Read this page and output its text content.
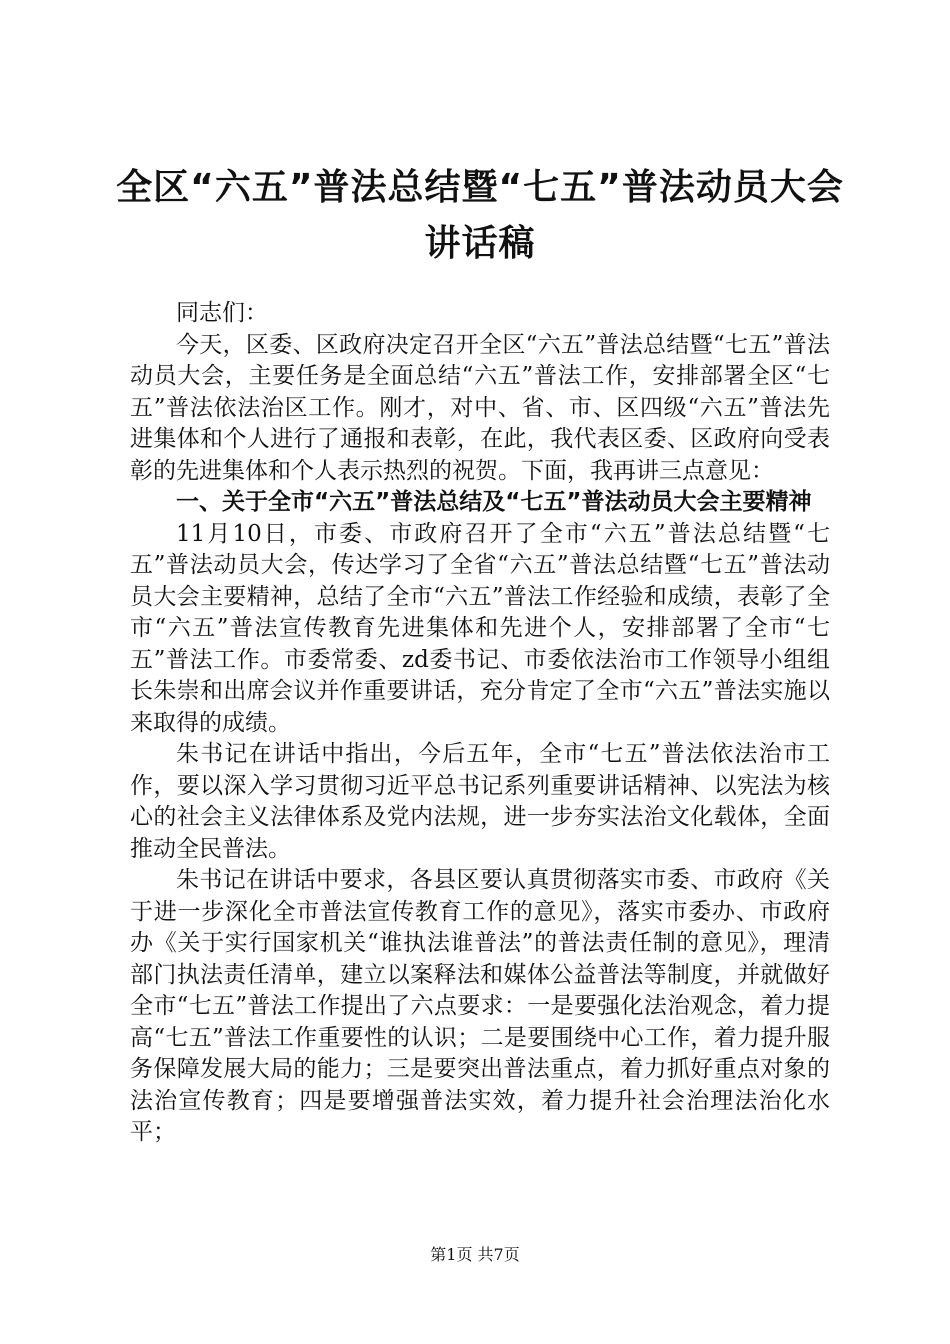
全区“六五”普法总结暨“七五”普法动员大会讲话稿

同志们：

今天，区委、区政府决定召开全区“六五”普法总结暨“七五”普法动员大会，主要任务是全面总结“六五”普法工作，安排部署全区“七五”普法依法治区工作。刚才，对中、省、市、区四级“六五”普法先进集体和个人进行了通报和表彰，在此，我代表区委、区政府向受表彰的先进集体和个人表示热烈的祝贺。下面，我再讲三点意见：

一、关于全市“六五”普法总结及“七五”普法动员大会主要精神

11月10日，市委、市政府召开了全市“六五”普法总结暨“七五”普法动员大会，传达学习了全省“六五”普法总结暨“七五”普法动员大会主要精神，总结了全市“六五”普法工作经验和成绩，表彰了全市“六五”普法宣传教育先进集体和先进个人，安排部署了全市“七五”普法工作。市委常委、zd委书记、市委依法治市工作领导小组组长朱崇和出席会议并作重要讲话，充分肯定了全市“六五”普法实施以来取得的成绩。

朱书记在讲话中指出，今后五年，全市“七五”普法依法治市工作，要以深入学习贯彻习近平总书记系列重要讲话精神、以宪法为核心的社会主义法律体系及党内法规，进一步夯实法治文化载体，全面推动全民普法。

朱书记在讲话中要求，各县区要认真贯彻落实市委、市政府《关于进一步深化全市普法宣传教育工作的意见》，落实市委办、市政府办《关于实行国家机关“谁执法谁普法”的普法责任制的意见》，理清部门执法责任清单，建立以案释法和媒体公益普法等制度，并就做好全市“七五”普法工作提出了六点要求：一是要强化法治观念，着力提高“七五”普法工作重要性的认识；二是要围绕中心工作，着力提升服务保障发展大局的能力；三是要突出普法重点，着力抓好重点对象的法治宣传教育；四是要增强普法实效，着力提升社会治理法治化水平；

第1页 共7页
